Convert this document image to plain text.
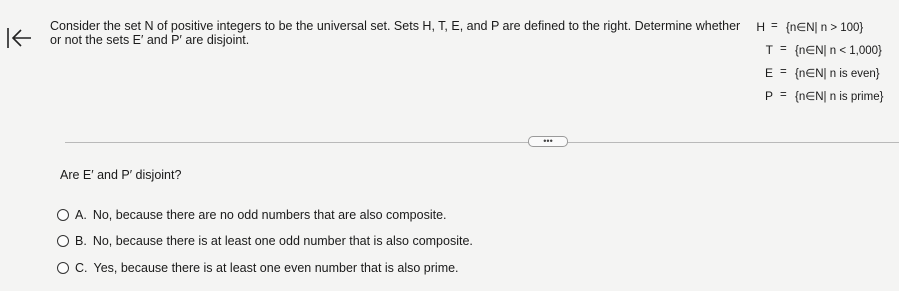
Consider the set N of positive integers to be the universal set. Sets H, T, E, and P are defined to the right. Determine whether
or not the sets E′ and P′ are disjoint.
H = {n∈N| n > 100}
T = {n∈N| n < 1,000}
E = {n∈N| n is even}
P = {n∈N| n is prime}
•••
Are E′ and P′ disjoint?
A. No, because there are no odd numbers that are also composite.
B. No, because there is at least one odd number that is also composite.
C. Yes, because there is at least one even number that is also prime.
